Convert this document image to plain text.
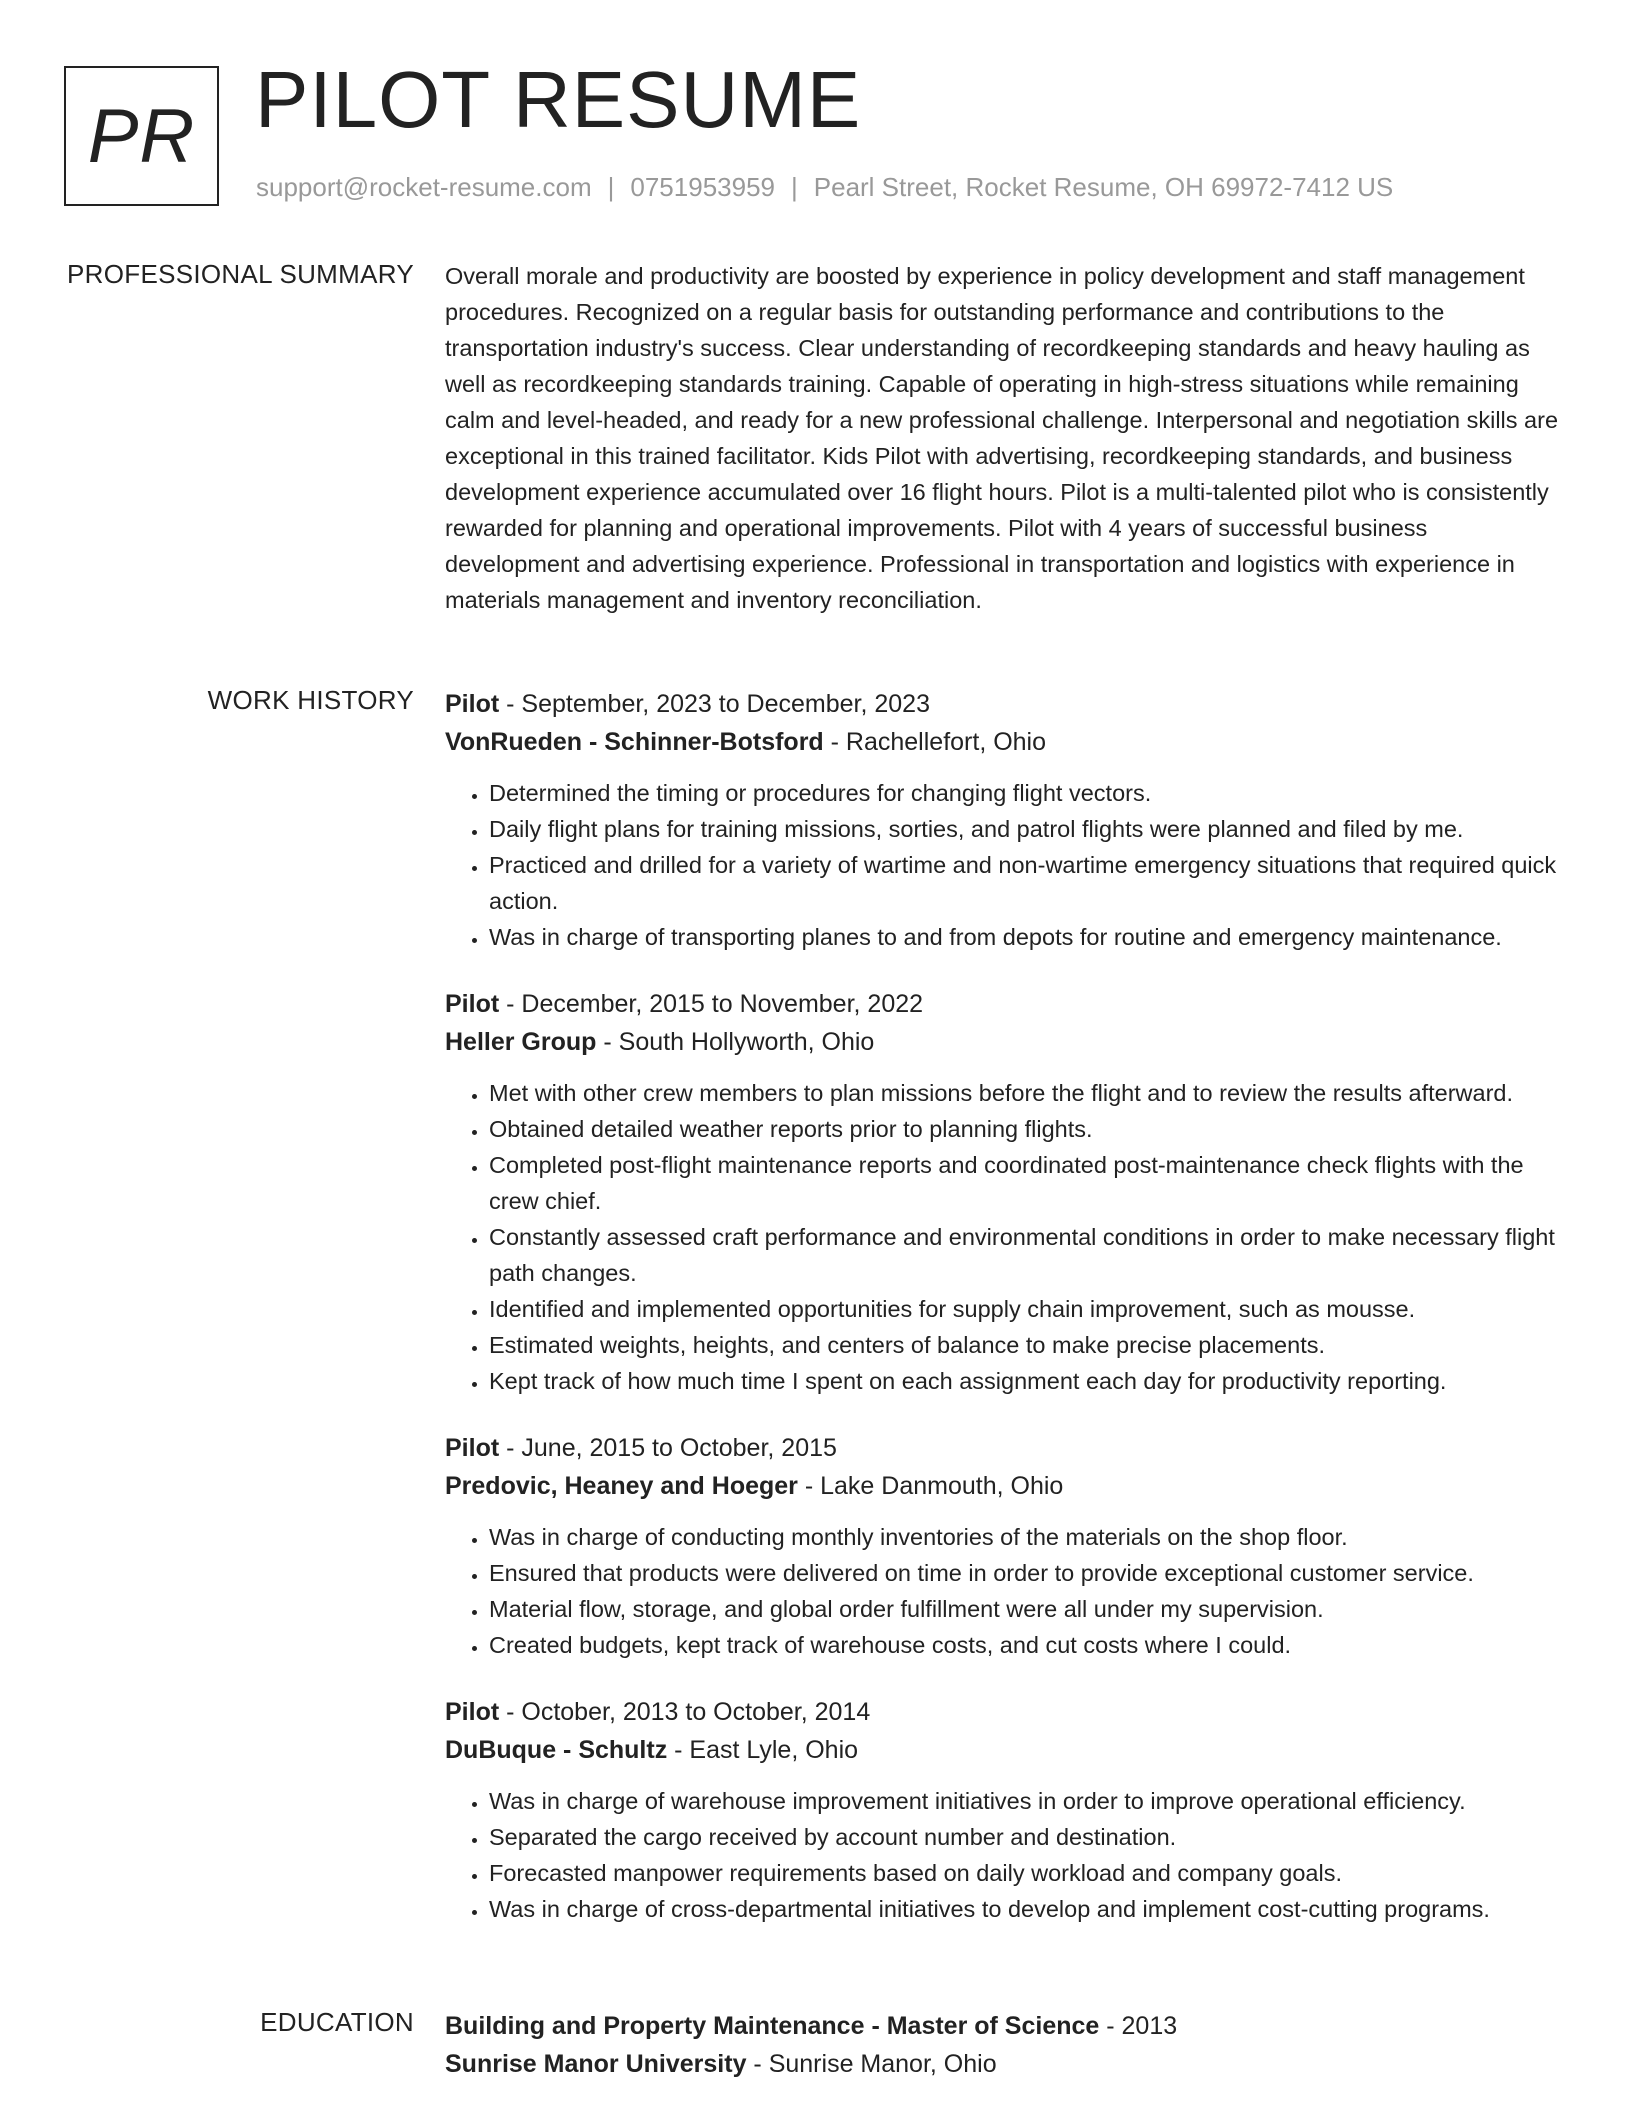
PR PILOT RESUME
support@rocket-resume.com | 0751953959 | Pearl Street, Rocket Resume, OH 69972-7412 US
PROFESSIONAL SUMMARY Overall morale and productivity are boosted by experience in policy development and staff management procedures. Recognized on a regular basis for outstanding performance and contributions to the transportation industry's success. Clear understanding of recordkeeping standards and heavy hauling as well as recordkeeping standards training. Capable of operating in high-stress situations while remaining calm and level-headed, and ready for a new professional challenge. Interpersonal and negotiation skills are exceptional in this trained facilitator. Kids Pilot with advertising, recordkeeping standards, and business development experience accumulated over 16 flight hours. Pilot is a multi-talented pilot who is consistently rewarded for planning and operational improvements. Pilot with 4 years of successful business development and advertising experience. Professional in transportation and logistics with experience in materials management and inventory reconciliation.

WORK HISTORY Pilot - September, 2023 to December, 2023
VonRueden - Schinner-Botsford - Rachellefort, Ohio
• Determined the timing or procedures for changing flight vectors.
• Daily flight plans for training missions, sorties, and patrol flights were planned and filed by me.
• Practiced and drilled for a variety of wartime and non-wartime emergency situations that required quick action.
• Was in charge of transporting planes to and from depots for routine and emergency maintenance.
Pilot - December, 2015 to November, 2022
Heller Group - South Hollyworth, Ohio
• Met with other crew members to plan missions before the flight and to review the results afterward.
• Obtained detailed weather reports prior to planning flights.
• Completed post-flight maintenance reports and coordinated post-maintenance check flights with the crew chief.
• Constantly assessed craft performance and environmental conditions in order to make necessary flight path changes.
• Identified and implemented opportunities for supply chain improvement, such as mousse.
• Estimated weights, heights, and centers of balance to make precise placements.
• Kept track of how much time I spent on each assignment each day for productivity reporting.
Pilot - June, 2015 to October, 2015
Predovic, Heaney and Hoeger - Lake Danmouth, Ohio
• Was in charge of conducting monthly inventories of the materials on the shop floor.
• Ensured that products were delivered on time in order to provide exceptional customer service.
• Material flow, storage, and global order fulfillment were all under my supervision.
• Created budgets, kept track of warehouse costs, and cut costs where I could.
Pilot - October, 2013 to October, 2014
DuBuque - Schultz - East Lyle, Ohio
• Was in charge of warehouse improvement initiatives in order to improve operational efficiency.
• Separated the cargo received by account number and destination.
• Forecasted manpower requirements based on daily workload and company goals.
• Was in charge of cross-departmental initiatives to develop and implement cost-cutting programs.
EDUCATION Building and Property Maintenance - Master of Science - 2013
Sunrise Manor University - Sunrise Manor, Ohio
